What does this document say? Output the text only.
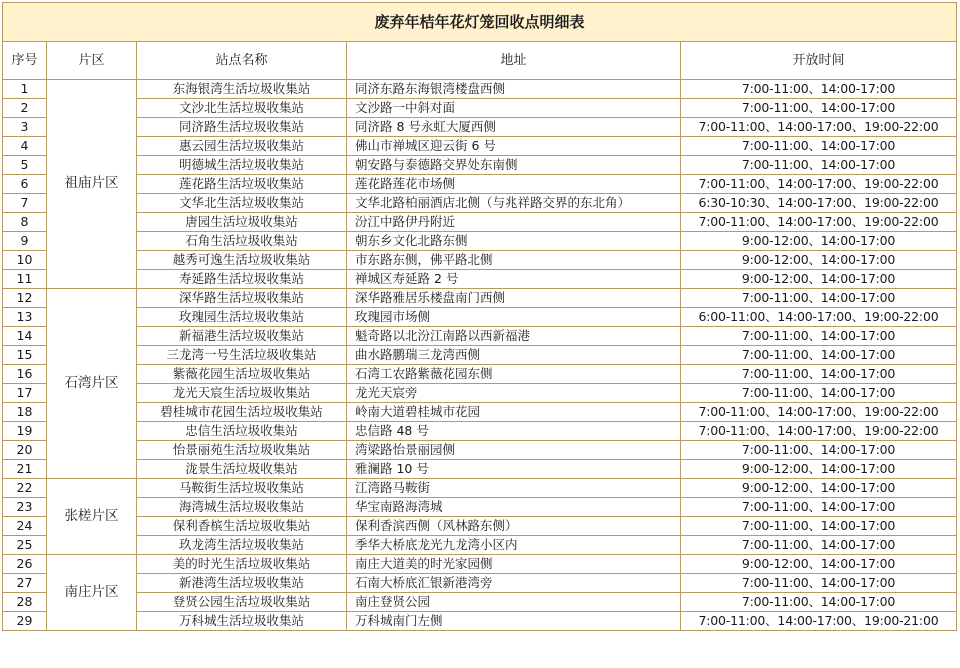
废弃年桔年花灯笼回收点明细表				
序号	片区	站点名称	地址	开放时间
1	祖庙片区	东海银湾生活垃圾收集站	同济东路东海银湾楼盘西侧	7:00-11:00、14:00-17:00
2		文沙北生活垃圾收集站	文沙路一中斜对面	7:00-11:00、14:00-17:00
3		同济路生活垃圾收集站	同济路 8 号永虹大厦西侧	7:00-11:00、14:00-17:00、19:00-22:00
4		惠云园生活垃圾收集站	佛山市禅城区迎云街 6 号	7:00-11:00、14:00-17:00
5		明德城生活垃圾收集站	朝安路与泰德路交界处东南侧	7:00-11:00、14:00-17:00
6		莲花路生活垃圾收集站	莲花路莲花市场侧	7:00-11:00、14:00-17:00、19:00-22:00
7		文华北生活垃圾收集站	文华北路柏丽酒店北侧（与兆祥路交界的东北角）	6:30-10:30、14:00-17:00、19:00-22:00
8		唐园生活垃圾收集站	汾江中路伊丹附近	7:00-11:00、14:00-17:00、19:00-22:00
9		石角生活垃圾收集站	朝东乡文化北路东侧	9:00-12:00、14:00-17:00
10		越秀可逸生活垃圾收集站	市东路东侧，佛平路北侧	9:00-12:00、14:00-17:00
11		寿延路生活垃圾收集站	禅城区寿延路 2 号	9:00-12:00、14:00-17:00
12	石湾片区	深华路生活垃圾收集站	深华路雅居乐楼盘南门西侧	7:00-11:00、14:00-17:00
13		玫瑰园生活垃圾收集站	玫瑰园市场侧	6:00-11:00、14:00-17:00、19:00-22:00
14		新福港生活垃圾收集站	魁奇路以北汾江南路以西新福港	7:00-11:00、14:00-17:00
15		三龙湾一号生活垃圾收集站	曲水路鹏瑞三龙湾西侧	7:00-11:00、14:00-17:00
16		紫薇花园生活垃圾收集站	石湾工农路紫薇花园东侧	7:00-11:00、14:00-17:00
17		龙光天宸生活垃圾收集站	龙光天宸旁	7:00-11:00、14:00-17:00
18		碧桂城市花园生活垃圾收集站	岭南大道碧桂城市花园	7:00-11:00、14:00-17:00、19:00-22:00
19		忠信生活垃圾收集站	忠信路 48 号	7:00-11:00、14:00-17:00、19:00-22:00
20		怡景丽苑生活垃圾收集站	湾梁路怡景丽园侧	7:00-11:00、14:00-17:00
21		泷景生活垃圾收集站	雅澜路 10 号	9:00-12:00、14:00-17:00
22	张槎片区	马鞍街生活垃圾收集站	江湾路马鞍街	9:00-12:00、14:00-17:00
23		海湾城生活垃圾收集站	华宝南路海湾城	7:00-11:00、14:00-17:00
24		保利香槟生活垃圾收集站	保利香滨西侧（风林路东侧）	7:00-11:00、14:00-17:00
25		玖龙湾生活垃圾收集站	季华大桥底龙光九龙湾小区内	7:00-11:00、14:00-17:00
26	南庄片区	美的时光生活垃圾收集站	南庄大道美的时光家园侧	9:00-12:00、14:00-17:00
27		新港湾生活垃圾收集站	石南大桥底汇银新港湾旁	7:00-11:00、14:00-17:00
28		登贤公园生活垃圾收集站	南庄登贤公园	7:00-11:00、14:00-17:00
29		万科城生活垃圾收集站	万科城南门左侧	7:00-11:00、14:00-17:00、19:00-21:00
